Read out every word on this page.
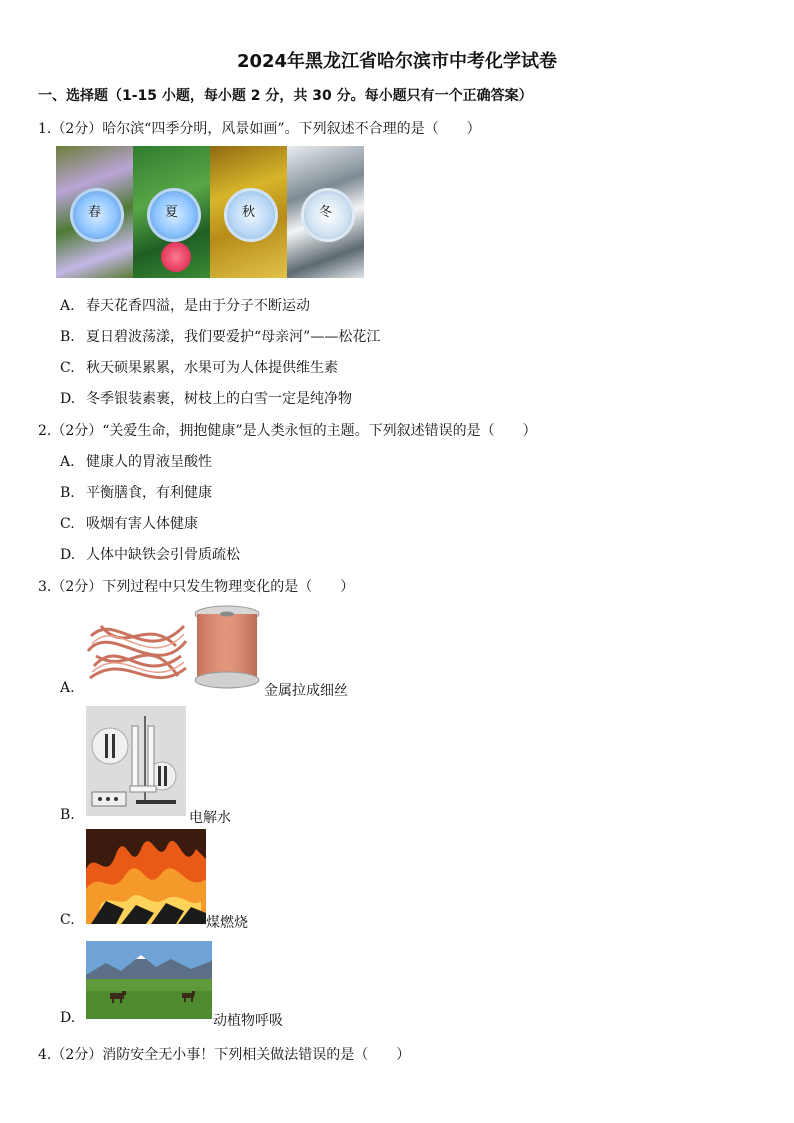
2024年黑龙江省哈尔滨市中考化学试卷
一、选择题（1-15 小题，每小题 2 分，共 30 分。每小题只有一个正确答案）
1.（2分）哈尔滨“四季分明，风景如画”。下列叙述不合理的是（　　）
春	夏	秋	冬
A. 春天花香四溢，是由于分子不断运动
B. 夏日碧波荡漾，我们要爱护“母亲河”——松花江
C. 秋天硕果累累，水果可为人体提供维生素
D. 冬季银装素裹，树枝上的白雪一定是纯净物
2.（2分）“关爱生命，拥抱健康”是人类永恒的主题。下列叙述错误的是（　　）
A. 健康人的胃液呈酸性
B. 平衡膳食，有利健康
C. 吸烟有害人体健康
D. 人体中缺铁会引骨质疏松
3.（2分）下列过程中只发生物理变化的是（　　）
A.	金属拉成细丝
B.	电解水
C.	煤燃烧
D.	动植物呼吸
4.（2分）消防安全无小事！下列相关做法错误的是（　　）
